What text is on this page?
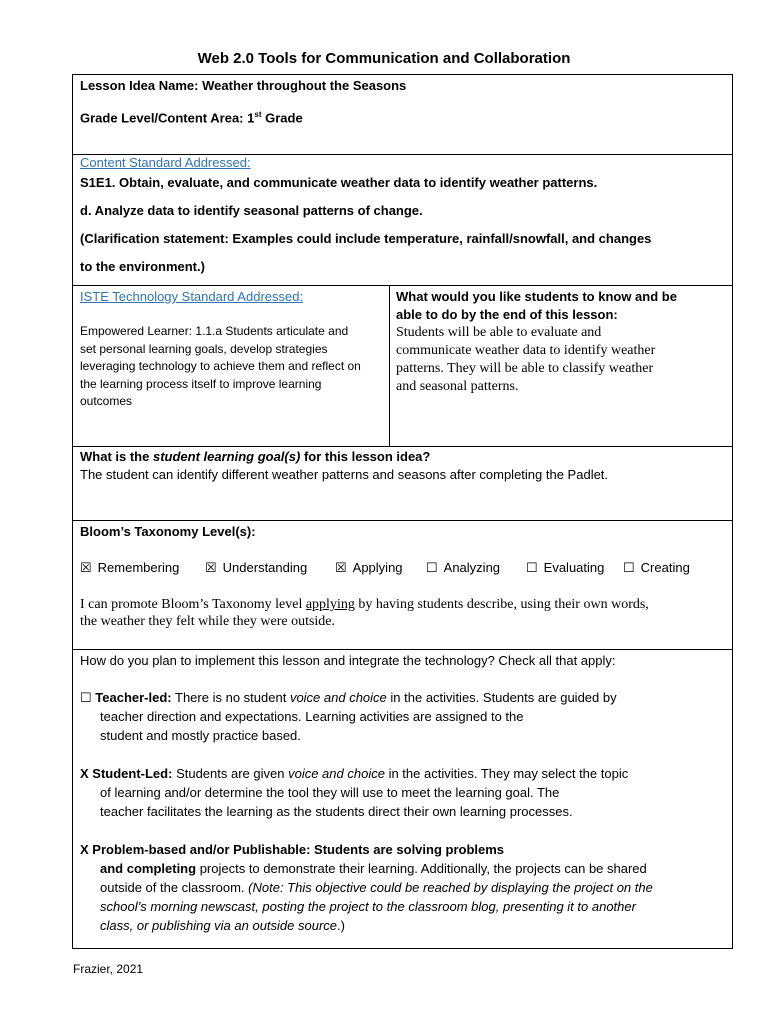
Web 2.0 Tools for Communication and Collaboration
Lesson Idea Name: Weather throughout the Seasons
Grade Level/Content Area: 1st Grade
Content Standard Addressed:
S1E1. Obtain, evaluate, and communicate weather data to identify weather patterns.
d. Analyze data to identify seasonal patterns of change.
(Clarification statement: Examples could include temperature, rainfall/snowfall, and changes
to the environment.)
ISTE Technology Standard Addressed:
Empowered Learner: 1.1.a Students articulate and
set personal learning goals, develop strategies
leveraging technology to achieve them and reflect on
the learning process itself to improve learning
outcomes
What would you like students to know and be
able to do by the end of this lesson:
Students will be able to evaluate and
communicate weather data to identify weather
patterns. They will be able to classify weather
and seasonal patterns.
What is the student learning goal(s) for this lesson idea?
The student can identify different weather patterns and seasons after completing the Padlet.
Bloom’s Taxonomy Level(s):
☒ Remembering ☒ Understanding ☒ Applying ☐ Analyzing ☐ Evaluating ☐ Creating
I can promote Bloom’s Taxonomy level applying by having students describe, using their own words,
the weather they felt while they were outside.
How do you plan to implement this lesson and integrate the technology? Check all that apply:
☐ Teacher-led: There is no student voice and choice in the activities. Students are guided by
teacher direction and expectations. Learning activities are assigned to the
student and mostly practice based.
X Student-Led: Students are given voice and choice in the activities. They may select the topic
of learning and/or determine the tool they will use to meet the learning goal. The
teacher facilitates the learning as the students direct their own learning processes.
X Problem-based and/or Publishable: Students are solving problems
and completing projects to demonstrate their learning. Additionally, the projects can be shared
outside of the classroom. (Note: This objective could be reached by displaying the project on the
school’s morning newscast, posting the project to the classroom blog, presenting it to another
class, or publishing via an outside source.)
Frazier, 2021
